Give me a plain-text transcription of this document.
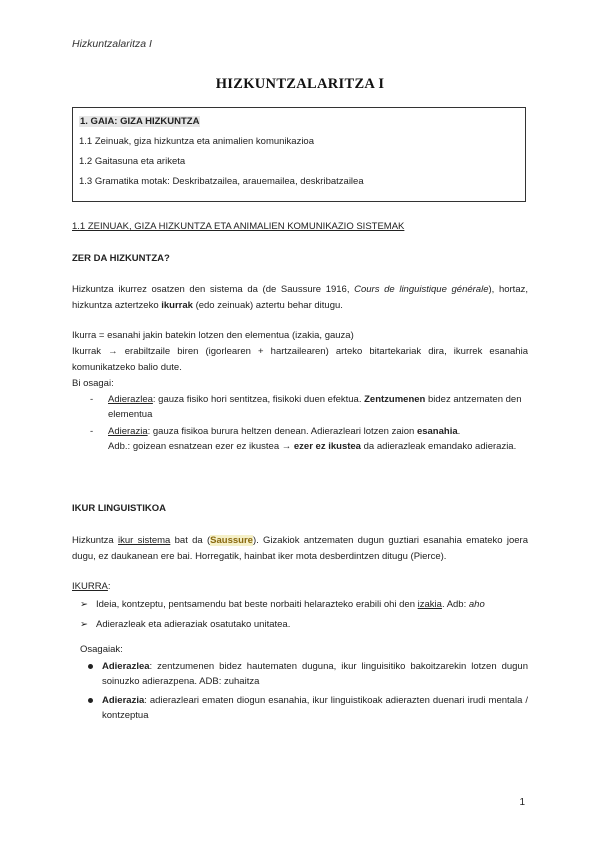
Hizkuntzalaritza I
HIZKUNTZALARITZA I
1. GAIA: GIZA HIZKUNTZA
1.1 Zeinuak, giza hizkuntza eta animalien komunikazioa
1.2 Gaitasuna eta ariketa
1.3 Gramatika motak: Deskribatzailea, arauemailea, deskribatzailea
1.1 ZEINUAK, GIZA HIZKUNTZA ETA ANIMALIEN KOMUNIKAZIO SISTEMAK
ZER DA HIZKUNTZA?
Hizkuntza ikurrez osatzen den sistema da (de Saussure 1916, Cours de linguistique générale), hortaz, hizkuntza aztertzeko ikurrak (edo zeinuak) aztertu behar ditugu.
Ikurra = esanahi jakin batekin lotzen den elementua (izakia, gauza)
Ikurrak → erabiltzaile biren (igorlearen + hartzailearen) arteko bitartekariak dira, ikurrek esanahia komunikatzeko balio dute.
Bi osagai:
- Adierazlea: gauza fisiko hori sentitzea, fisikoki duen efektua. Zentzumenen bidez antzematen den elementua
- Adierazia: gauza fisikoa burura heltzen denean. Adierazleari lotzen zaion esanahia.
Adb.: goizean esnatzean ezer ez ikustea → ezer ez ikustea da adierazleak emandako adierazia.
IKUR LINGUISTIKOA
Hizkuntza ikur sistema bat da (Saussure). Gizakiok antzematen dugun guztiari esanahia emateko joera dugu, ez daukanean ere bai. Horregatik, hainbat iker mota desberdintzen ditugu (Pierce).
IKURRA:
➢ Ideia, kontzeptu, pentsamendu bat beste norbaiti helarazteko erabili ohi den izakia. Adb: aho
➢ Adierazleak eta adieraziak osatutako unitatea.
Osagaiak:
Adierazlea: zentzumenen bidez hautematen duguna, ikur linguisitiko bakoitzarekin lotzen dugun soinuzko adierazpena. ADB: zuhaitza
Adierazia: adierazleari ematen diogun esanahia, ikur linguistikoak adierazten duenari irudi mentala / kontzeptua
1
